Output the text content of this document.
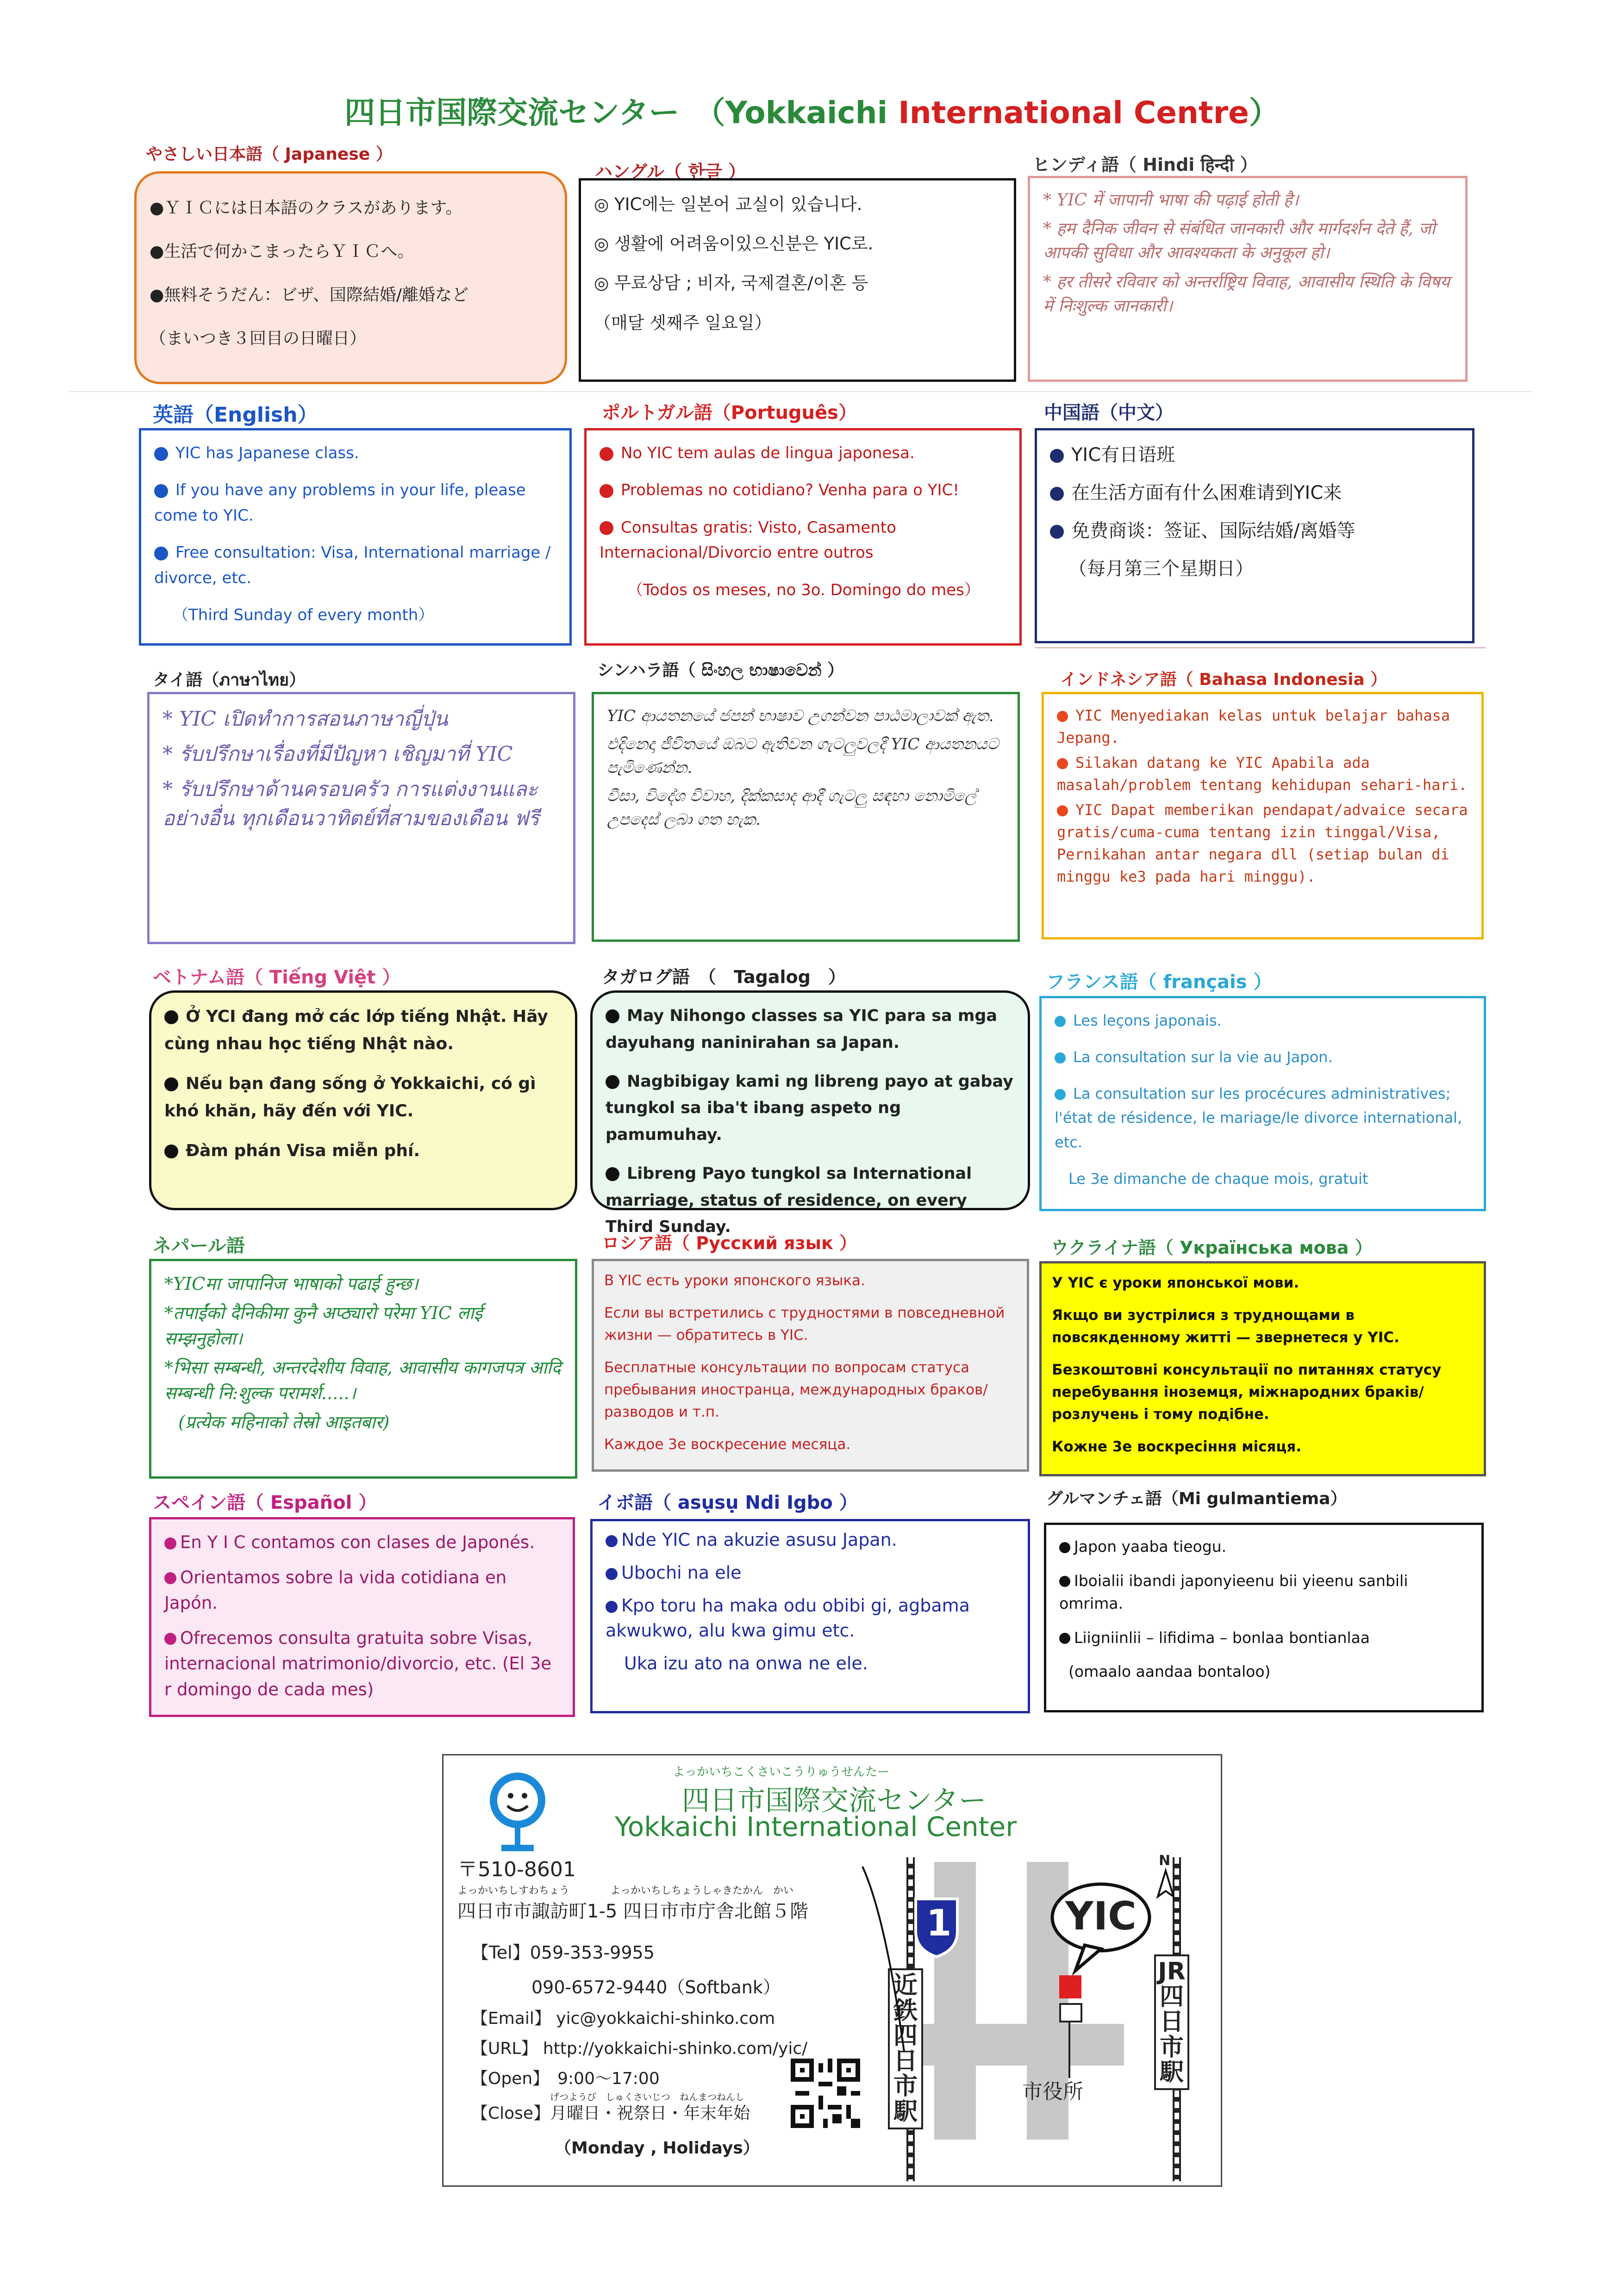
四日市国際交流センター　 （Yokkaichi International Centre）
やさしい日本語（ Japanese ）

●ＹＩＣには日本語のクラスがあります。

●生活で何かこまったらＹＩＣへ。

●無料そうだん：ビザ、国際結婚/離婚など

（まいつき３回目の日曜日）

ハングル（ 한글 ）

◎ YIC에는 일본어 교실이 있습니다.

◎ 생활에 어려움이있으신분은 YIC로.

◎ 무료상담 ; 비자, 국제결혼/이혼 등

（매달 셋째주 일요일）

ヒンディ語（ Hindi हिन्दी ）

* YIC में जापानी भाषा की पढ़ाई होती है।

* हम दैनिक जीवन से संबंधित जानकारी और मार्गदर्शन देते हैं, जो आपकी सुविधा और आवश्यकता के अनुकूल हो।

* हर तीसरे रविवार को अन्तर्राष्ट्रिय विवाह, आवासीय स्थिति के विषय में निःशुल्क जानकारी।

英語（English）

YIC has Japanese class.

If you have any problems in your life, please come to YIC.

Free consultation: Visa, International marriage / divorce, etc.

（Third Sunday of every month）

ポルトガル語（Português）

No YIC tem aulas de lingua japonesa.

Problemas no cotidiano? Venha para o YIC!

Consultas gratis: Visto, Casamento Internacional/Divorcio entre outros

（Todos os meses, no 3o. Domingo do mes）

中国語（中文）

YIC有日语班

在生活方面有什么困难请到YIC来

免费商谈：签证、国际结婚/离婚等

（每月第三个星期日）

タイ語（ภาษาไทย）

* YIC เปิดทำการสอนภาษาญี่ปุ่น

* รับปรึกษาเรื่องที่มีปัญหา เชิญมาที่ YIC

* รับปรึกษาด้านครอบครัว การแต่งงานและอย่างอื่น ทุกเดือนวาทิตย์ที่สามของเดือน ฟรี

シンハラ語（ සිංහල භාෂාවෙන් ）

YIC ආයතනයේ ජපන් භාෂාව උගන්වන පාඨමාලාවක් ඇත.

එදිනෙදා ජීවිතයේ ඔබට ඇතිවන ගැටලුවලදී YIC ආයතනයට පැමිණෙන්න.

වීසා, විදේශ විවාහ, දික්කසාද ආදී ගැටලු සඳහා නොමිලේ උපදෙස් ලබා ගත හැක.

インドネシア語（ Bahasa Indonesia ）

YIC Menyediakan kelas untuk belajar bahasa Jepang.

Silakan datang ke YIC Apabila ada masalah/problem tentang kehidupan sehari-hari.

YIC Dapat memberikan pendapat/advaice secara gratis/cuma-cuma tentang izin tinggal/Visa, Pernikahan antar negara dll (setiap bulan di minggu ke3 pada hari minggu).

ベトナム語（ Tiếng Việt ）

Ở YCI đang mở các lớp tiếng Nhật. Hãy cùng nhau học tiếng Nhật nào.

Nếu bạn đang sống ở Yokkaichi, có gì khó khăn, hãy đến với YIC.

Đàm phán Visa miễn phí.

タガログ語　（　Tagalog　）

May Nihongo classes sa YIC para sa mga dayuhang naninirahan sa Japan.

Nagbibigay kami ng libreng payo at gabay tungkol sa iba't ibang aspeto ng pamumuhay.

Libreng Payo tungkol sa International marriage, status of residence, on every Third Sunday.

フランス語（ français ）

Les leçons japonais.

La consultation sur la vie au Japon.

La consultation sur les procécures administratives; l'état de résidence, le mariage/le divorce international, etc.

Le 3e dimanche de chaque mois, gratuit

ネパール語

*YICमा जापानिज भाषाको पढाई हुन्छ।

*तपाईंको दैनिकीमा कुनै अप्ठ्यारो परेमा YIC लाई सम्झनुहोला।

*भिसा सम्बन्धी, अन्तरदेशीय विवाह, आवासीय कागजपत्र आदि सम्बन्धी नि:शुल्क परामर्श.....।

(प्रत्येक महिनाको तेस्रो आइतबार)

ロシア語（ Русский язык ）

В YIC есть уроки японского языка.

Если вы встретились с трудностями в повседневной жизни — обратитесь в YIC.

Бесплатные консультации по вопросам статуса пребывания иностранца, международных браков/разводов и т.п.

Каждое 3е воскресение месяца.

ウクライナ語（ Українська мова ）

У YIC є уроки японської мови.

Якщо ви зустрілися з труднощами в повсякденному житті — звернетеся у YIC.

Безкоштовні консультації по питаннях статусу перебування іноземця, міжнародних браків/розлучень і тому подібне.

Кожне 3е воскресіння місяця.

スペイン語（ Español ）

En Y I C contamos con clases de Japonés.

Orientamos sobre la vida cotidiana en Japón.

Ofrecemos consulta gratuita sobre Visas, internacional matrimonio/divorcio, etc. (El 3e r domingo de cada mes)

イボ語（ asụsụ Ndi Igbo ）

Nde YIC na akuzie asusu Japan.

Ubochi na ele

Kpo toru ha maka odu obibi gi, agbama akwukwo, alu kwa gimu etc.

Uka izu ato na onwa ne ele.

グルマンチェ語（Mi gulmantiema）

Japon yaaba tieogu.

Iboialii ibandi japonyieenu bii yieenu sanbili omrima.

Liigniinlii – lifidima – bonlaa bontianlaa

(omaalo aandaa bontaloo)

よっかいちこくさいこうりゅうせんたー
四日市国際交流センター
Yokkaichi International Center
〒510-8601
よっかいちしすわちょう　　　　よっかいちしちょうしゃきたかん　かい
四日市市諏訪町1-5 四日市市庁舎北館５階
【Tel】059-353-9955
090-6572-9440（Softbank）
【Email】 yic@yokkaichi-shinko.com
【URL】 http://yokkaichi-shinko.com/yic/
【Open】　9:00～17:00
げつようび　しゅくさいじつ　ねんまつねんし
【Close】月曜日・祝祭日・年末年始
（Monday , Holidays）
1	YIC
市役所
N
近鉄四日市駅
JR四日市駅
